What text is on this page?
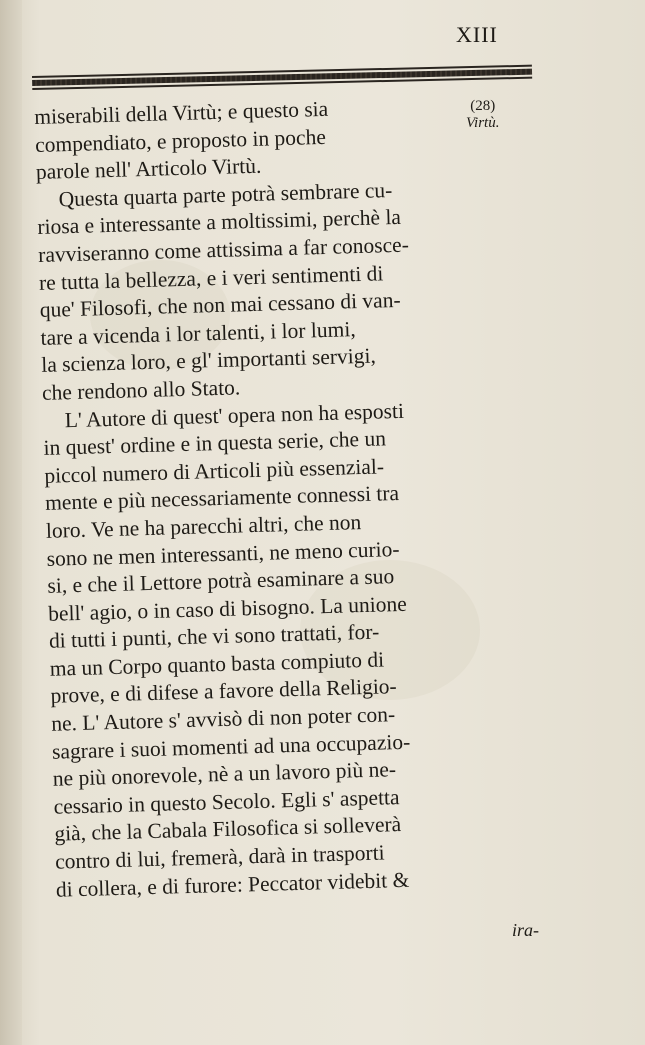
XIII
(28)
Virtù.
miserabili della Virtù; e questo sia
compendiato, e proposto in poche
parole nell' Articolo Virtù.
Questa quarta parte potrà sembrare cu-
riosa e interessante a moltissimi, perchè la
ravviseranno come attissima a far conosce-
re tutta la bellezza, e i veri sentimenti di
que' Filosofi, che non mai cessano di van-
tare a vicenda i lor talenti, i lor lumi,
la scienza loro, e gl' importanti servigi,
che rendono allo Stato.
L' Autore di quest' opera non ha esposti
in quest' ordine e in questa serie, che un
piccol numero di Articoli più essenzial-
mente e più necessariamente connessi tra
loro. Ve ne ha parecchi altri, che non
sono ne men interessanti, ne meno curio-
si, e che il Lettore potrà esaminare a suo
bell' agio, o in caso di bisogno. La unione
di tutti i punti, che vi sono trattati, for-
ma un Corpo quanto basta compiuto di
prove, e di difese a favore della Religio-
ne. L' Autore s' avvisò di non poter con-
sagrare i suoi momenti ad una occupazio-
ne più onorevole, nè a un lavoro più ne-
cessario in questo Secolo. Egli s' aspetta
già, che la Cabala Filosofica si solleverà
contro di lui, fremerà, darà in trasporti
di collera, e di furore: Peccator videbit &
ira-
